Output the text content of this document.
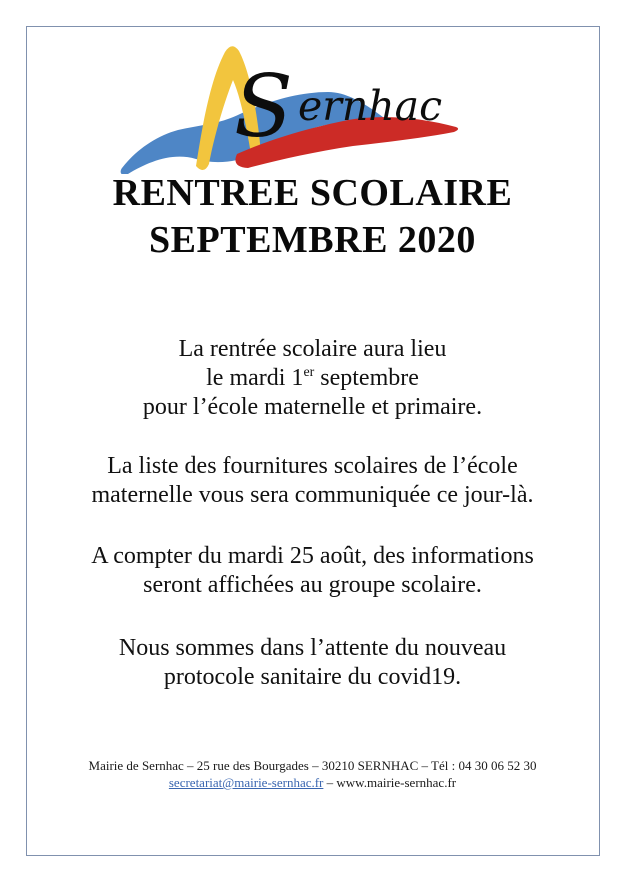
S ernhac
RENTREE SCOLAIRE
SEPTEMBRE 2020

La rentrée scolaire aura lieu
le mardi 1er septembre
pour l’école maternelle et primaire.

La liste des fournitures scolaires de l’école
maternelle vous sera communiquée ce jour-là.

A compter du mardi 25 août, des informations
seront affichées au groupe scolaire.

Nous sommes dans l’attente du nouveau
protocole sanitaire du covid19.

Mairie de Sernhac – 25 rue des Bourgades – 30210 SERNHAC – Tél : 04 30 06 52 30
secretariat@mairie-sernhac.fr – www.mairie-sernhac.fr
